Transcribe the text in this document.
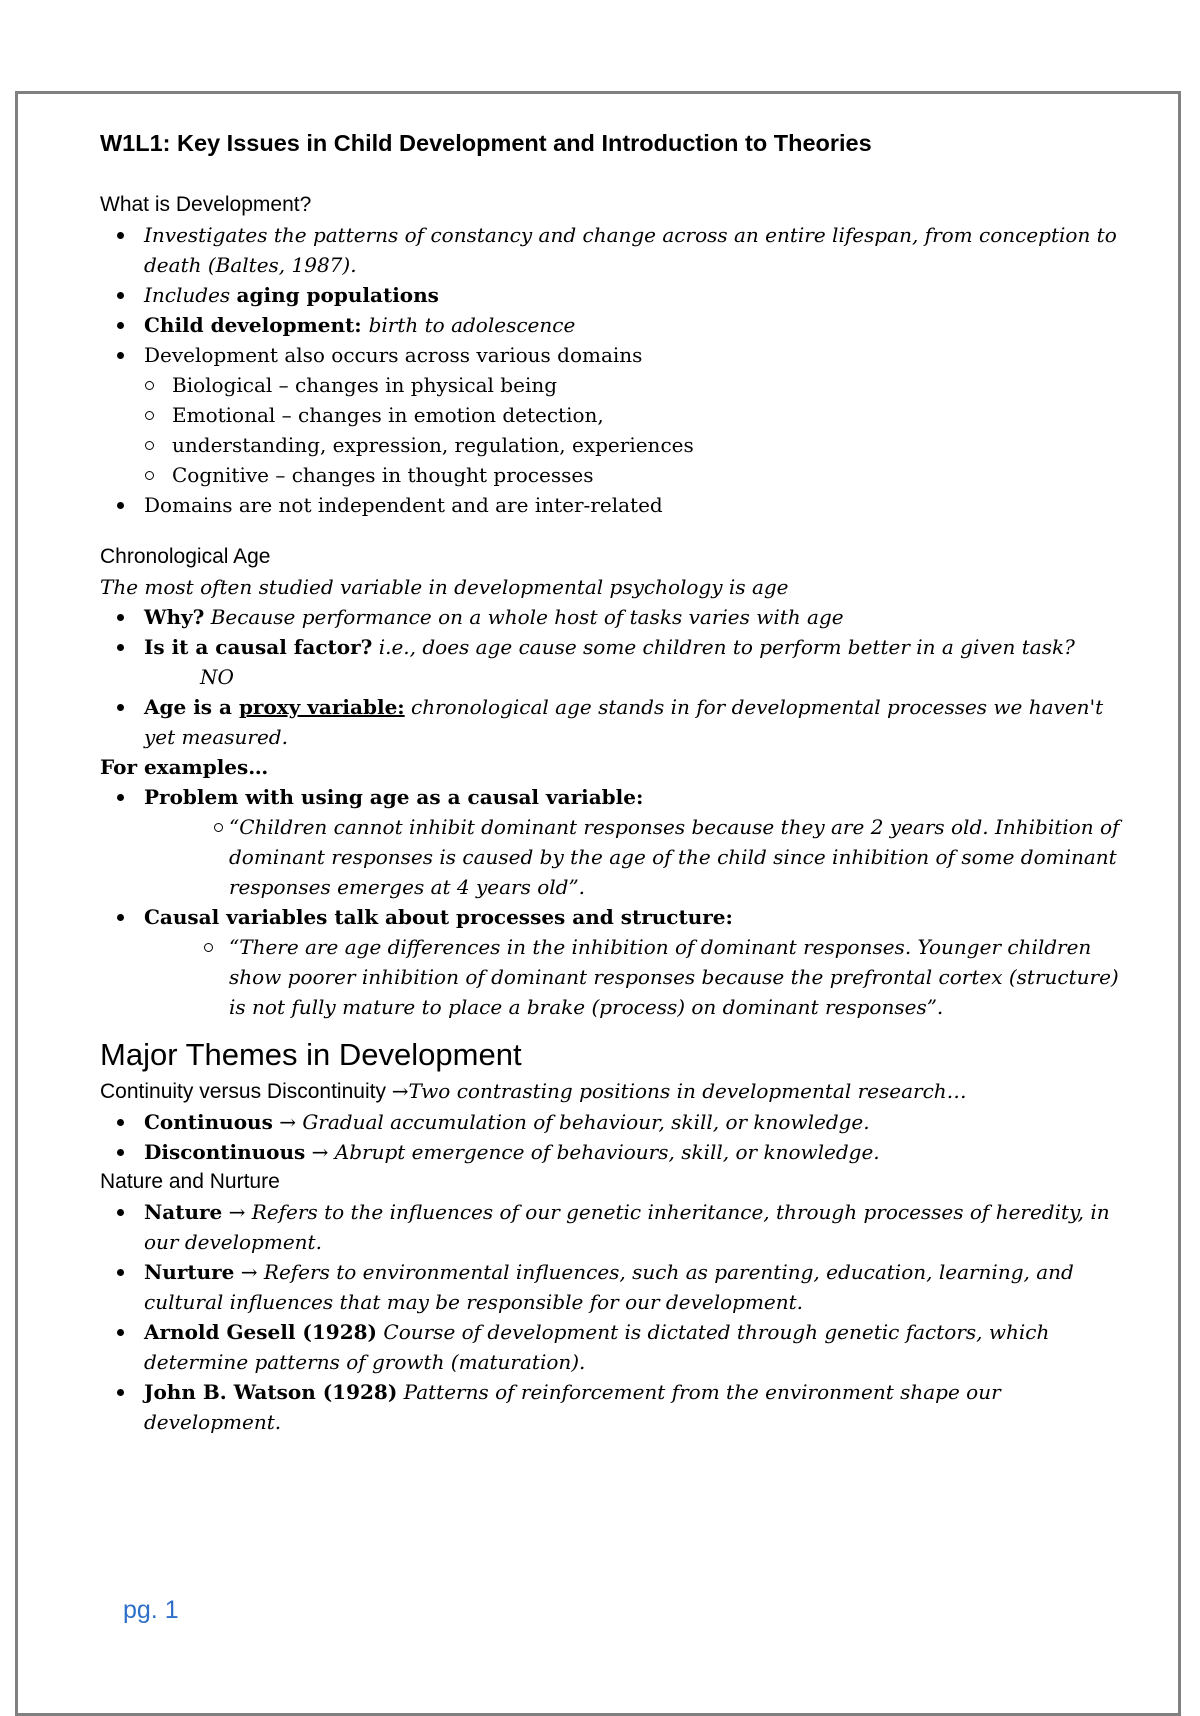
W1L1: Key Issues in Child Development and Introduction to Theories
What is Development?
Investigates the patterns of constancy and change across an entire lifespan, from conception to death (Baltes, 1987).
Includes aging populations
Child development: birth to adolescence
Development also occurs across various domains
Biological – changes in physical being
Emotional – changes in emotion detection,
understanding, expression, regulation, experiences
Cognitive – changes in thought processes
Domains are not independent and are inter-related
Chronological Age
The most often studied variable in developmental psychology is age
Why? Because performance on a whole host of tasks varies with age
Is it a causal factor? i.e., does age cause some children to perform better in a given task?
NO
Age is a proxy variable: chronological age stands in for developmental processes we haven't yet measured.
For examples…
Problem with using age as a causal variable:
“Children cannot inhibit dominant responses because they are 2 years old. Inhibition of dominant responses is caused by the age of the child since inhibition of some dominant responses emerges at 4 years old”.
Causal variables talk about processes and structure:
“There are age differences in the inhibition of dominant responses. Younger children show poorer inhibition of dominant responses because the prefrontal cortex (structure) is not fully mature to place a brake (process) on dominant responses”.
Major Themes in Development
Continuity versus Discontinuity →Two contrasting positions in developmental research…
Continuous → Gradual accumulation of behaviour, skill, or knowledge.
Discontinuous → Abrupt emergence of behaviours, skill, or knowledge.
Nature and Nurture
Nature → Refers to the influences of our genetic inheritance, through processes of heredity, in our development.
Nurture → Refers to environmental influences, such as parenting, education, learning, and cultural influences that may be responsible for our development.
Arnold Gesell (1928) Course of development is dictated through genetic factors, which determine patterns of growth (maturation).
John B. Watson (1928) Patterns of reinforcement from the environment shape our development.
pg. 1
